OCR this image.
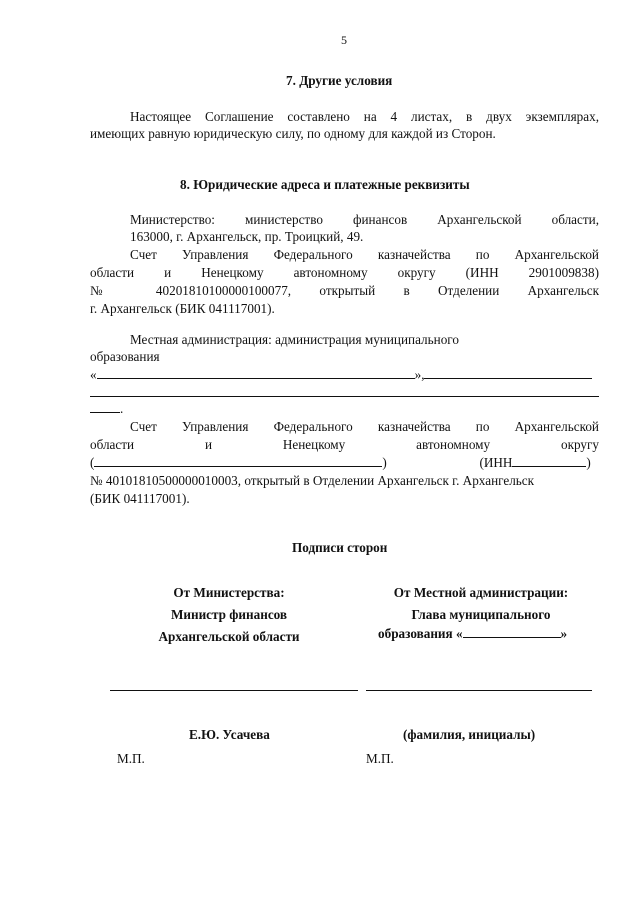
5
7. Другие условия
Настоящее Соглашение составлено на 4 листах, в двух экземплярах,
имеющих равную юридическую силу, по одному для каждой из Сторон.
8. Юридические адреса и платежные реквизиты
Министерство: министерство финансов Архангельской области,
163000, г. Архангельск, пр. Троицкий, 49.
Счет Управления Федерального казначейства по Архангельской
области и Ненецкому автономному округу (ИНН 2901009838)
№ 40201810100000100077, открытый в Отделении Архангельск
г. Архангельск (БИК 041117001).
Местная администрация: администрация муниципального
образования
«	»,
.
Счет Управления Федерального казначейства по Архангельской
области и Ненецкому автономному округу
(	) (ИНН	)
№ 40101810500000010003, открытый в Отделении Архангельск г. Архангельск
(БИК 041117001).
Подписи сторон
От Министерства:
Министр финансов
Архангельской области
От Местной администрации:
Глава муниципального
образования «	»
Е.Ю. Усачева	(фамилия, инициалы)
М.П.	М.П.
